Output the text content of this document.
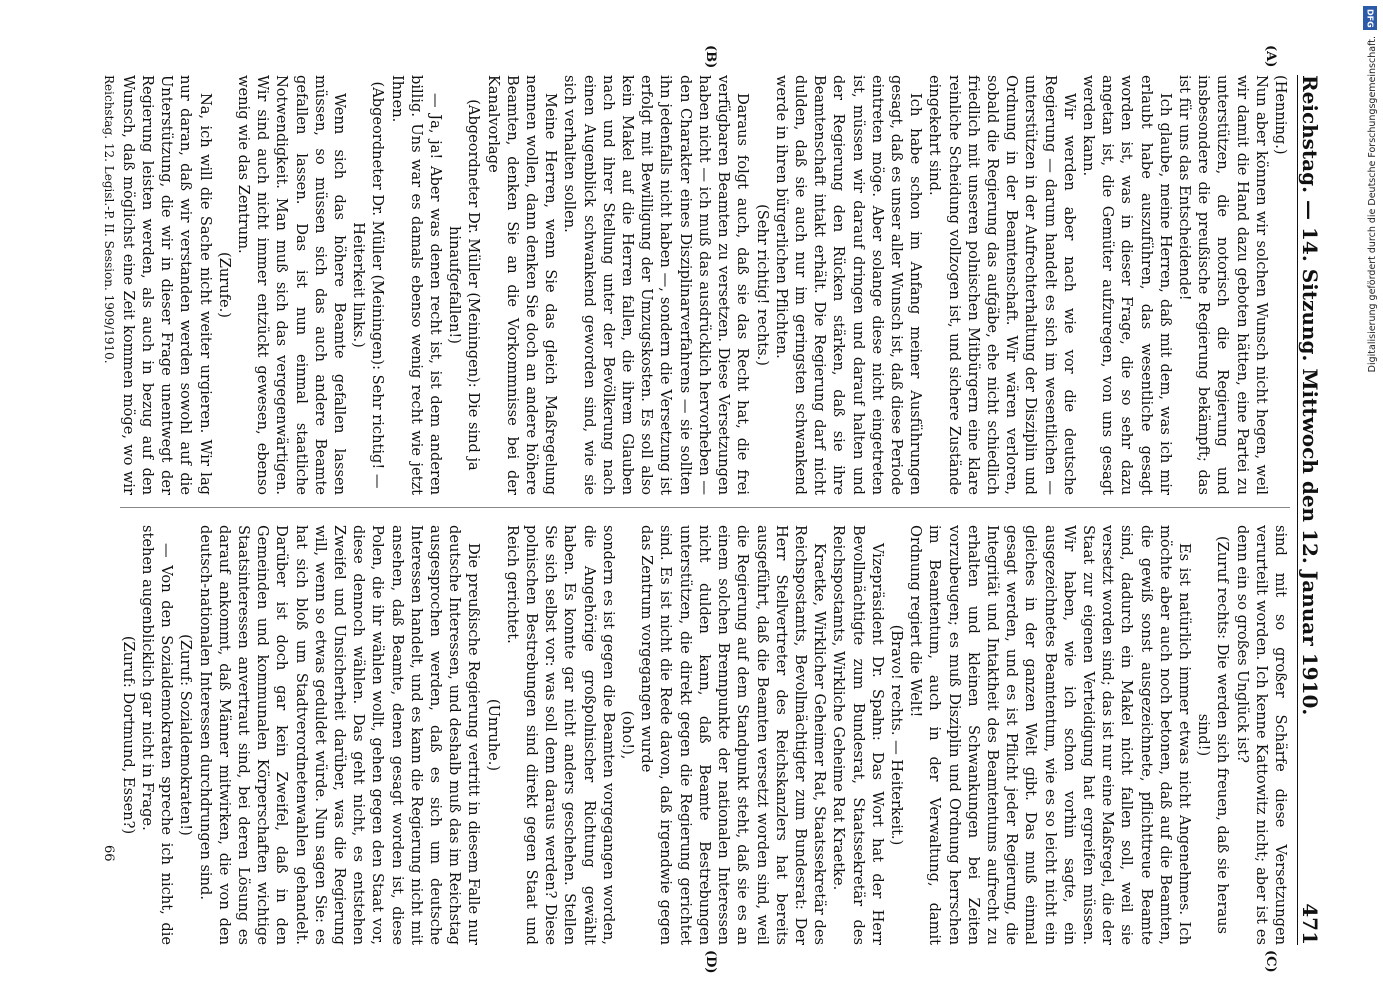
Reichstag. — 14. Sitzung. Mittwoch den 12. Januar 1910.
471

(Henning.)

Nun aber können wir solchen Wunsch nicht hegen, weil wir damit die Hand dazu geboten hätten, eine Partei zu unterstützen, die notorisch die Regierung und insbesondere die preußische Regierung bekämpft; das ist für uns das Entscheidende!

Ich glaube, meine Herren, daß mit dem, was ich mir erlaubt habe auszuführen, das wesentliche gesagt worden ist, was in dieser Frage, die so sehr dazu angetan ist, die Gemüter aufzuregen, von uns gesagt werden kann.

Wir werden aber nach wie vor die deutsche Regierung — darum handelt es sich im wesentlichen — unterstützen in der Aufrechterhaltung der Disziplin und Ordnung in der Beamtenschaft. Wir wären verloren, sobald die Regierung das aufgäbe, ehe nicht schiedlich friedlich mit unseren polnischen Mitbürgern eine klare reinliche Scheidung vollzogen ist, und sichere Zustände eingekehrt sind.

Ich habe schon im Anfang meiner Ausführungen gesagt, daß es unser aller Wunsch ist, daß diese Periode eintreten möge. Aber solange diese nicht eingetreten ist, müssen wir darauf dringen und darauf halten und der Regierung den Rücken stärken, daß sie ihre Beamtenschaft intakt erhält. Die Regierung darf nicht dulden, daß sie auch nur im geringsten schwankend werde in ihren bürgerlichen Pflichten.

(Sehr richtig! rechts.)

Daraus folgt auch, daß sie das Recht hat, die frei verfügbaren Beamten zu versetzen. Diese Versetzungen haben nicht — ich muß das ausdrücklich hervorheben — den Charakter eines Disziplinarverfahrens — sie sollten ihn jedenfalls nicht haben —, sondern die Versetzung ist erfolgt mit Bewilligung der Umzugskosten. Es soll also kein Makel auf die Herren fallen, die ihrem Glauben nach und ihrer Stellung unter der Bevölkerung nach einen Augenblick schwankend geworden sind, wie sie sich verhalten sollen.

Meine Herren, wenn Sie das gleich Maßregelung nennen wollen, dann denken Sie doch an andere höhere Beamten, denken Sie an die Vorkommnisse bei der Kanalvorlage

(Abgeordneter Dr. Müller (Meiningen): Die sind ja hinaufgefallen!)

— Ja, ja! Aber was denen recht ist, ist dem anderen billig. Uns war es damals ebenso wenig recht wie jetzt Ihnen.

(Abgeordneter Dr. Müller (Meiningen): Sehr richtig! — Heiterkeit links.)

Wenn sich das höhere Beamte gefallen lassen müssen, so müssen sich das auch andere Beamte gefallen lassen. Das ist nun einmal staatliche Notwendigkeit. Man muß sich das vergegenwärtigen. Wir sind auch nicht immer entzückt gewesen, ebenso wenig wie das Zentrum.

(Zurufe.)

Na, ich will die Sache nicht weiter urgieren. Wir lag nur daran, daß wir verstanden werden sowohl auf die Unterstützung, die wir in dieser Frage unentwegt der Regierung leisten werden, als auch in bezug auf den Wunsch, daß möglichst eine Zeit kommen möge, wo wir

sind mit so großer Schärfe diese Versetzungen verurteilt worden. Ich kenne Kattowitz nicht; aber ist es denn ein so großes Unglück ist?

(Zuruf rechts: Die werden sich freuen, daß sie heraus sind!)

Es ist natürlich immer etwas nicht Angenehmes. Ich möchte aber auch noch betonen, daß auf die Beamten, die gewiß sonst ausgezeichnete, pflichttreue Beamte sind, dadurch ein Makel nicht fallen soll, weil sie versetzt worden sind; das ist nur eine Maßregel, die der Staat zur eigenen Verteidigung hat ergreifen müssen. Wir haben, wie ich schon vorhin sagte, ein ausgezeichnetes Beamtentum, wie es so leicht nicht ein gleiches in der ganzen Welt gibt. Das muß einmal gesagt werden, und es ist Pflicht jeder Regierung, die Integrität und Intaktheit des Beamtentums aufrecht zu erhalten und kleinen Schwankungen bei Zeiten vorzubeugen; es muß Disziplin und Ordnung herrschen im Beamtentum, auch in der Verwaltung, damit Ordnung regiert die Welt!

(Bravo! rechts. — Heiterkeit.)

Vizepräsident Dr. Spahn: Das Wort hat der Herr Bevollmächtigte zum Bundesrat, Staatssekretär des Reichspostamts, Wirkliche Geheime Rat Kraetke.

Kraetke, Wirklicher Geheimer Rat, Staatssekretär des Reichspostamts, Bevollmächtigter zum Bundesrat: Der Herr Stellvertreter des Reichskanzlers hat bereits ausgeführt, daß die Beamten versetzt worden sind, weil die Regierung auf dem Standpunkt steht, daß sie es an einem solchen Brennpunkte der nationalen Interessen nicht dulden kann, daß Beamte Bestrebungen unterstützen, die direkt gegen die Regierung gerichtet sind. Es ist nicht die Rede davon, daß irgendwie gegen das Zentrum vorgegangen wurde

(oho!),

sondern es ist gegen die Beamten vorgegangen worden, die Angehörige großpolnischer Richtung gewählt haben. Es konnte gar nicht anders geschehen. Stellen Sie sich selbst vor: was soll denn daraus werden? Diese polnischen Bestrebungen sind direkt gegen Staat und Reich gerichtet.

(Unruhe.)

Die preußische Regierung vertritt in diesem Falle nur deutsche Interessen, und deshalb muß das im Reichstag ausgesprochen werden, daß es sich um deutsche Interessen handelt, und es kann die Regierung nicht mit ansehen, daß Beamte, denen gesagt worden ist, diese Polen, die ihr wählen wollt, gehen gegen den Staat vor, diese dennoch wählen. Das geht nicht, es entstehen Zweifel und Unsicherheit darüber, was die Regierung will, wenn so etwas geduldet würde. Nun sagen Sie: es hat sich bloß um Stadtverordnetenwahlen gehandelt. Darüber ist doch gar kein Zweifel, daß in den Gemeinden und kommunalen Körperschaften wichtige Staatsinteressen anvertraut sind, bei deren Lösung es darauf ankommt, daß Männer mitwirken, die von den deutsch-nationalen Interessen durchdrungen sind.

(Zuruf: Sozialdemokraten!)

— Von den Sozialdemokraten spreche ich nicht, die stehen augenblicklich gar nicht in Frage.

(Zuruf: Dortmund, Essen?)

(A)
(B)
(C)
(D)
Reichstag. 12. Legisl.-P. II. Session. 1909/1910.
66
DFG
Digitalisierung gefördert durch die Deutsche Forschungsgemeinschaft.
